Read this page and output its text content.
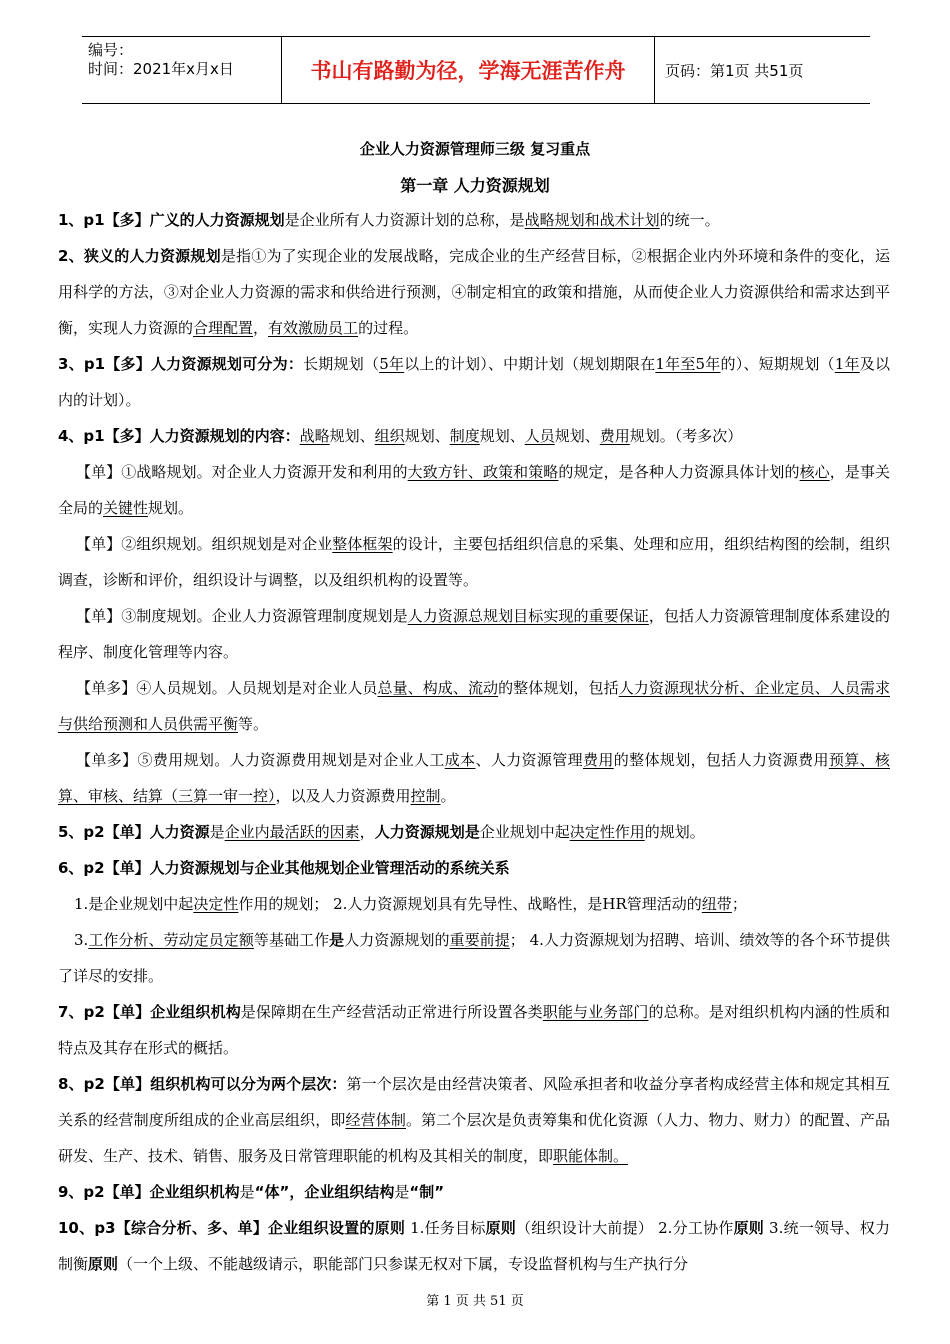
编号：
时间：2021年x月x日	书山有路勤为径，学海无涯苦作舟	页码：第1页 共51页
企业人力资源管理师三级 复习重点
第一章 人力资源规划

1、p1【多】广义的人力资源规划是企业所有人力资源计划的总称，是战略规划和战术计划的统一。

2、狭义的人力资源规划是指①为了实现企业的发展战略，完成企业的生产经营目标，②根据企业内外环境和条件的变化，运用科学的方法，③对企业人力资源的需求和供给进行预测，④制定相宜的政策和措施，从而使企业人力资源供给和需求达到平衡，实现人力资源的合理配置，有效激励员工的过程。

3、p1【多】人力资源规划可分为：长期规划（5年以上的计划）、中期计划（规划期限在1年至5年的）、短期规划（1年及以内的计划）。

4、p1【多】人力资源规划的内容：战略规划、组织规划、制度规划、人员规划、费用规划。（考多次）

【单】①战略规划。对企业人力资源开发和利用的大致方针、政策和策略的规定，是各种人力资源具体计划的核心，是事关全局的关键性规划。

【单】②组织规划。组织规划是对企业整体框架的设计，主要包括组织信息的采集、处理和应用，组织结构图的绘制，组织调查，诊断和评价，组织设计与调整，以及组织机构的设置等。

【单】③制度规划。企业人力资源管理制度规划是人力资源总规划目标实现的重要保证，包括人力资源管理制度体系建设的程序、制度化管理等内容。

【单多】④人员规划。人员规划是对企业人员总量、构成、流动的整体规划，包括人力资源现状分析、企业定员、人员需求与供给预测和人员供需平衡等。

【单多】⑤费用规划。人力资源费用规划是对企业人工成本、人力资源管理费用的整体规划，包括人力资源费用预算、核算、审核、结算（三算一审一控），以及人力资源费用控制。

5、p2【单】人力资源是企业内最活跃的因素，人力资源规划是企业规划中起决定性作用的规划。

6、p2【单】人力资源规划与企业其他规划企业管理活动的系统关系

1.是企业规划中起决定性作用的规划； 2.人力资源规划具有先导性、战略性，是HR管理活动的纽带；

3.工作分析、劳动定员定额等基础工作是人力资源规划的重要前提； 4.人力资源规划为招聘、培训、绩效等的各个环节提供了详尽的安排。

7、p2【单】企业组织机构是保障期在生产经营活动正常进行所设置各类职能与业务部门的总称。是对组织机构内涵的性质和特点及其存在形式的概括。

8、p2【单】组织机构可以分为两个层次：第一个层次是由经营决策者、风险承担者和收益分享者构成经营主体和规定其相互关系的经营制度所组成的企业高层组织，即经营体制。第二个层次是负责筹集和优化资源（人力、物力、财力）的配置、产品研发、生产、技术、销售、服务及日常管理职能的机构及其相关的制度，即职能体制。

9、p2【单】企业组织机构是“体”，企业组织结构是“制”

10、p3【综合分析、多、单】企业组织设置的原则 1.任务目标原则（组织设计大前提） 2.分工协作原则 3.统一领导、权力制衡原则（一个上级、不能越级请示，职能部门只参谋无权对下属，专设监督机构与生产执行分

第 1 页 共 51 页
